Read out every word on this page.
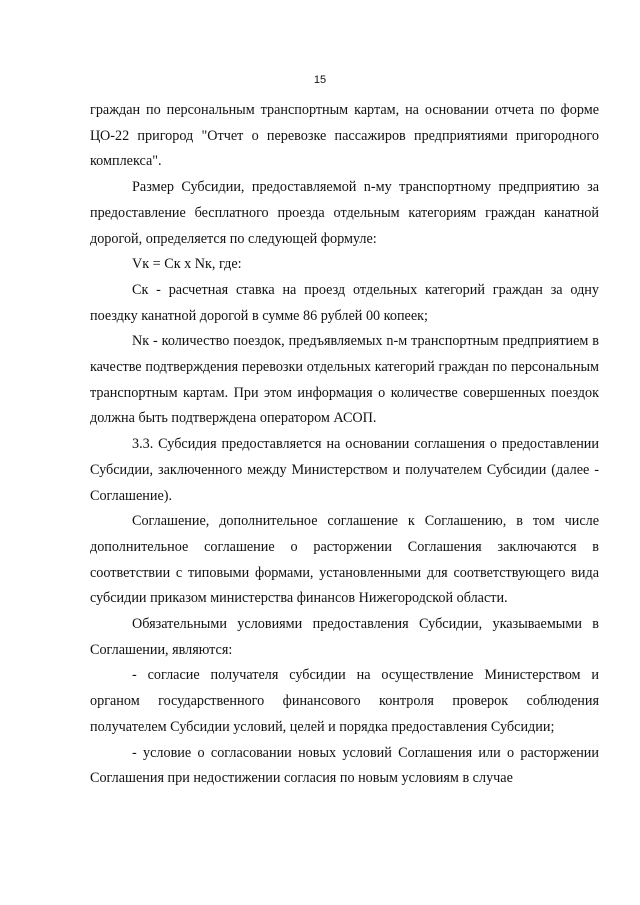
15

граждан по персональным транспортным картам, на основании отчета по форме ЦО-22 пригород "Отчет о перевозке пассажиров предприятиями пригородного комплекса".

Размер Субсидии, предоставляемой n-му транспортному предприятию за предоставление бесплатного проезда отдельным категориям граждан канатной дорогой, определяется по следующей формуле:

Vк = Ск x Nк, где:

Ск - расчетная ставка на проезд отдельных категорий граждан за одну поездку канатной дорогой в сумме 86 рублей 00 копеек;

Nк - количество поездок, предъявляемых n-м транспортным предприятием в качестве подтверждения перевозки отдельных категорий граждан по персональным транспортным картам. При этом информация о количестве совершенных поездок должна быть подтверждена оператором АСОП.

3.3. Субсидия предоставляется на основании соглашения о предоставлении Субсидии, заключенного между Министерством и получателем Субсидии (далее - Соглашение).

Соглашение, дополнительное соглашение к Соглашению, в том числе дополнительное соглашение о расторжении Соглашения заключаются в соответствии с типовыми формами, установленными для соответствующего вида субсидии приказом министерства финансов Нижегородской области.

Обязательными условиями предоставления Субсидии, указываемыми в Соглашении, являются:

- согласие получателя субсидии на осуществление Министерством и органом государственного финансового контроля проверок соблюдения получателем Субсидии условий, целей и порядка предоставления Субсидии;

- условие о согласовании новых условий Соглашения или о расторжении Соглашения при недостижении согласия по новым условиям в случае
